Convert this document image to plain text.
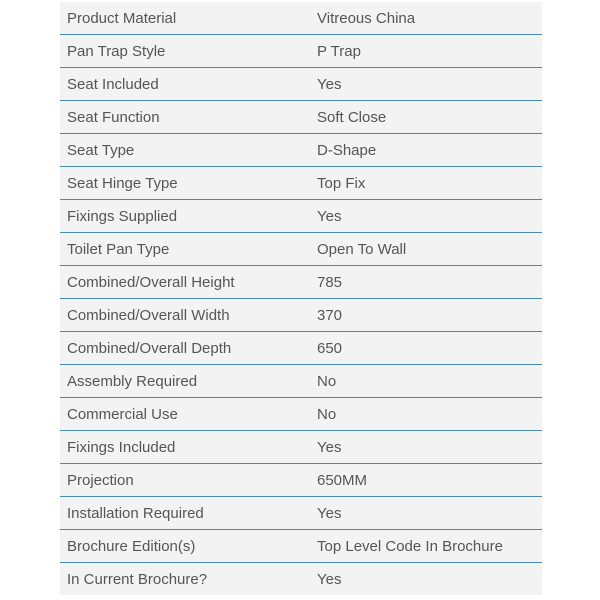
Product Material	Vitreous China
Pan Trap Style	P Trap
Seat Included	Yes
Seat Function	Soft Close
Seat Type	D-Shape
Seat Hinge Type	Top Fix
Fixings Supplied	Yes
Toilet Pan Type	Open To Wall
Combined/Overall Height	785
Combined/Overall Width	370
Combined/Overall Depth	650
Assembly Required	No
Commercial Use	No
Fixings Included	Yes
Projection	650MM
Installation Required	Yes
Brochure Edition(s)	Top Level Code In Brochure
In Current Brochure?	Yes
